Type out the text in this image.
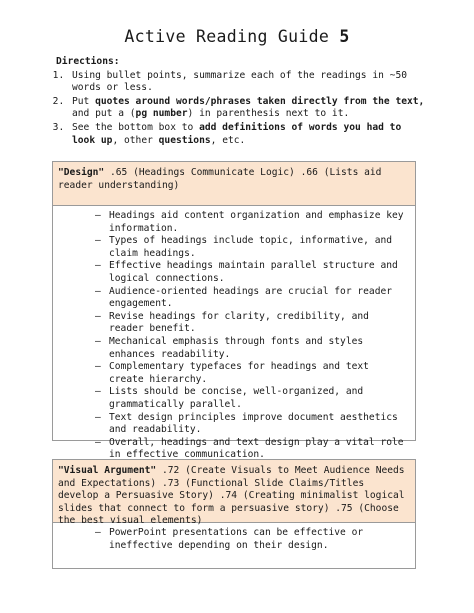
Active Reading Guide 5
Directions:
1. Using bullet points, summarize each of the readings in ~50 words or less.
2. Put quotes around words/phrases taken directly from the text, and put a (pg number) in parenthesis next to it.
3. See the bottom box to add definitions of words you had to look up, other questions, etc.
"Design" .65 (Headings Communicate Logic) .66 (Lists aid reader understanding)
– Headings aid content organization and emphasize key information.
– Types of headings include topic, informative, and claim headings.
– Effective headings maintain parallel structure and logical connections.
– Audience-oriented headings are crucial for reader engagement.
– Revise headings for clarity, credibility, and reader benefit.
– Mechanical emphasis through fonts and styles enhances readability.
– Complementary typefaces for headings and text create hierarchy.
– Lists should be concise, well-organized, and grammatically parallel.
– Text design principles improve document aesthetics and readability.
– Overall, headings and text design play a vital role in effective communication.
"Visual Argument" .72 (Create Visuals to Meet Audience Needs and Expectations) .73 (Functional Slide Claims/Titles develop a Persuasive Story) .74 (Creating minimalist logical slides that connect to form a persuasive story) .75 (Choose the best visual elements)
– PowerPoint presentations can be effective or ineffective depending on their design.
